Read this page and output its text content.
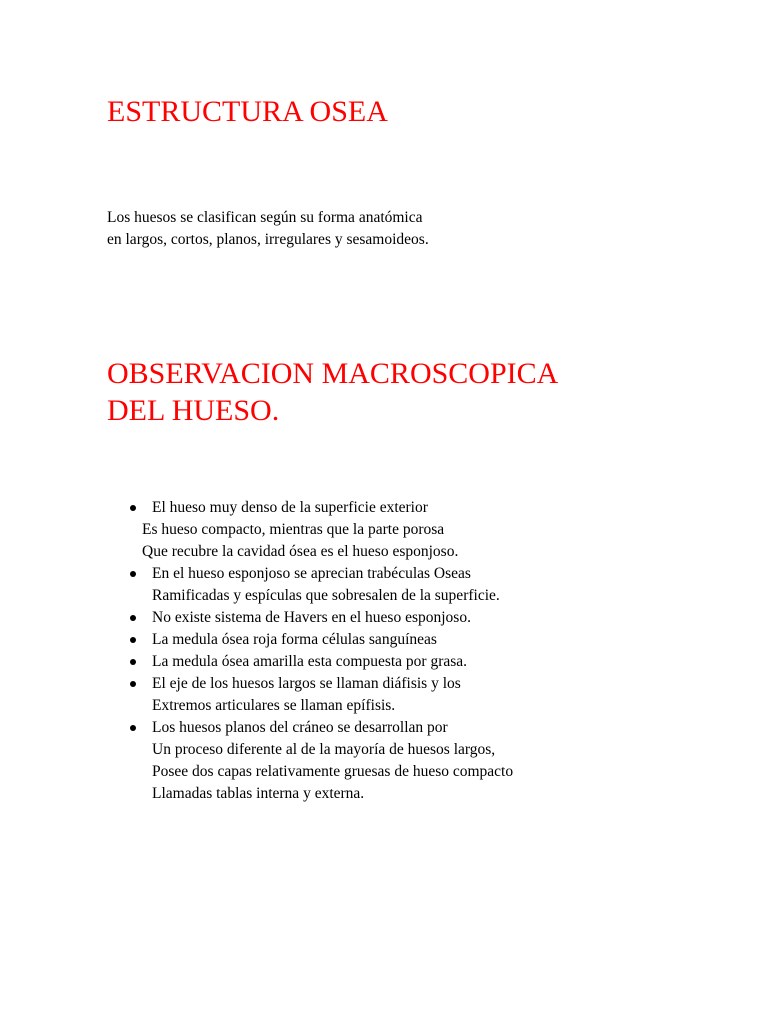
ESTRUCTURA OSEA

Los huesos se clasifican según su forma anatómica
en largos, cortos, planos, irregulares y sesamoideos.

OBSERVACION MACROSCOPICA
DEL HUESO.
El hueso muy denso de la superficie exterior
Es hueso compacto, mientras que la parte porosa
Que recubre la cavidad ósea es el hueso esponjoso.
En el hueso esponjoso se aprecian trabéculas Oseas
Ramificadas y espículas que sobresalen de la superficie.
No existe sistema de Havers en el hueso esponjoso.
La medula ósea roja forma células sanguíneas
La medula ósea amarilla esta compuesta por grasa.
El eje de los huesos largos se llaman diáfisis y los
Extremos articulares se llaman epífisis.
Los huesos planos del cráneo se desarrollan por
Un proceso diferente al de la mayoría de huesos largos,
Posee dos capas relativamente gruesas de hueso compacto
Llamadas tablas interna y externa.
